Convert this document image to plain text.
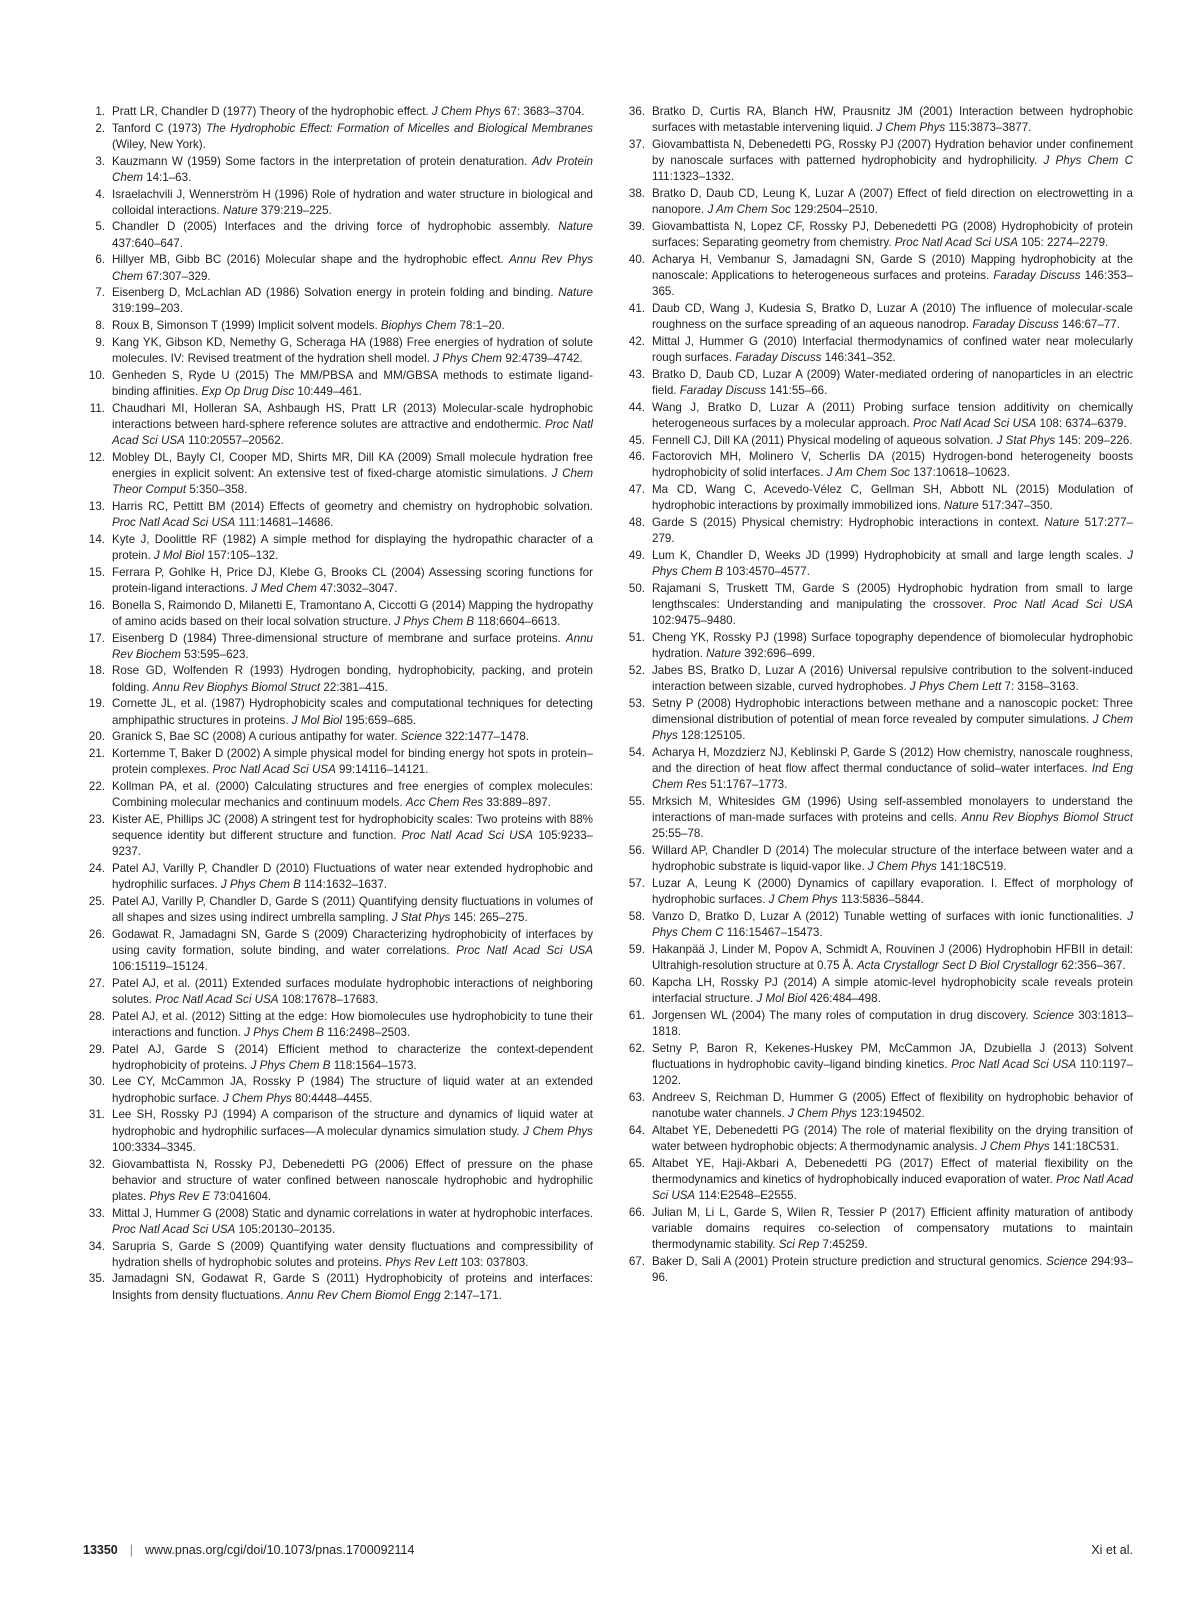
1. Pratt LR, Chandler D (1977) Theory of the hydrophobic effect. J Chem Phys 67: 3683–3704.
2. Tanford C (1973) The Hydrophobic Effect: Formation of Micelles and Biological Membranes (Wiley, New York).
3. Kauzmann W (1959) Some factors in the interpretation of protein denaturation. Adv Protein Chem 14:1–63.
4. Israelachvili J, Wennerström H (1996) Role of hydration and water structure in biological and colloidal interactions. Nature 379:219–225.
5. Chandler D (2005) Interfaces and the driving force of hydrophobic assembly. Nature 437:640–647.
6. Hillyer MB, Gibb BC (2016) Molecular shape and the hydrophobic effect. Annu Rev Phys Chem 67:307–329.
7. Eisenberg D, McLachlan AD (1986) Solvation energy in protein folding and binding. Nature 319:199–203.
8. Roux B, Simonson T (1999) Implicit solvent models. Biophys Chem 78:1–20.
9. Kang YK, Gibson KD, Nemethy G, Scheraga HA (1988) Free energies of hydration of solute molecules. IV: Revised treatment of the hydration shell model. J Phys Chem 92:4739–4742.
10. Genheden S, Ryde U (2015) The MM/PBSA and MM/GBSA methods to estimate ligand-binding affinities. Exp Op Drug Disc 10:449–461.
11. Chaudhari MI, Holleran SA, Ashbaugh HS, Pratt LR (2013) Molecular-scale hydrophobic interactions between hard-sphere reference solutes are attractive and endothermic. Proc Natl Acad Sci USA 110:20557–20562.
12. Mobley DL, Bayly CI, Cooper MD, Shirts MR, Dill KA (2009) Small molecule hydration free energies in explicit solvent: An extensive test of fixed-charge atomistic simulations. J Chem Theor Comput 5:350–358.
13. Harris RC, Pettitt BM (2014) Effects of geometry and chemistry on hydrophobic solvation. Proc Natl Acad Sci USA 111:14681–14686.
14. Kyte J, Doolittle RF (1982) A simple method for displaying the hydropathic character of a protein. J Mol Biol 157:105–132.
15. Ferrara P, Gohlke H, Price DJ, Klebe G, Brooks CL (2004) Assessing scoring functions for protein-ligand interactions. J Med Chem 47:3032–3047.
16. Bonella S, Raimondo D, Milanetti E, Tramontano A, Ciccotti G (2014) Mapping the hydropathy of amino acids based on their local solvation structure. J Phys Chem B 118:6604–6613.
17. Eisenberg D (1984) Three-dimensional structure of membrane and surface proteins. Annu Rev Biochem 53:595–623.
18. Rose GD, Wolfenden R (1993) Hydrogen bonding, hydrophobicity, packing, and protein folding. Annu Rev Biophys Biomol Struct 22:381–415.
19. Cornette JL, et al. (1987) Hydrophobicity scales and computational techniques for detecting amphipathic structures in proteins. J Mol Biol 195:659–685.
20. Granick S, Bae SC (2008) A curious antipathy for water. Science 322:1477–1478.
21. Kortemme T, Baker D (2002) A simple physical model for binding energy hot spots in protein–protein complexes. Proc Natl Acad Sci USA 99:14116–14121.
22. Kollman PA, et al. (2000) Calculating structures and free energies of complex molecules: Combining molecular mechanics and continuum models. Acc Chem Res 33:889–897.
23. Kister AE, Phillips JC (2008) A stringent test for hydrophobicity scales: Two proteins with 88% sequence identity but different structure and function. Proc Natl Acad Sci USA 105:9233–9237.
24. Patel AJ, Varilly P, Chandler D (2010) Fluctuations of water near extended hydrophobic and hydrophilic surfaces. J Phys Chem B 114:1632–1637.
25. Patel AJ, Varilly P, Chandler D, Garde S (2011) Quantifying density fluctuations in volumes of all shapes and sizes using indirect umbrella sampling. J Stat Phys 145: 265–275.
26. Godawat R, Jamadagni SN, Garde S (2009) Characterizing hydrophobicity of interfaces by using cavity formation, solute binding, and water correlations. Proc Natl Acad Sci USA 106:15119–15124.
27. Patel AJ, et al. (2011) Extended surfaces modulate hydrophobic interactions of neighboring solutes. Proc Natl Acad Sci USA 108:17678–17683.
28. Patel AJ, et al. (2012) Sitting at the edge: How biomolecules use hydrophobicity to tune their interactions and function. J Phys Chem B 116:2498–2503.
29. Patel AJ, Garde S (2014) Efficient method to characterize the context-dependent hydrophobicity of proteins. J Phys Chem B 118:1564–1573.
30. Lee CY, McCammon JA, Rossky P (1984) The structure of liquid water at an extended hydrophobic surface. J Chem Phys 80:4448–4455.
31. Lee SH, Rossky PJ (1994) A comparison of the structure and dynamics of liquid water at hydrophobic and hydrophilic surfaces—A molecular dynamics simulation study. J Chem Phys 100:3334–3345.
32. Giovambattista N, Rossky PJ, Debenedetti PG (2006) Effect of pressure on the phase behavior and structure of water confined between nanoscale hydrophobic and hydrophilic plates. Phys Rev E 73:041604.
33. Mittal J, Hummer G (2008) Static and dynamic correlations in water at hydrophobic interfaces. Proc Natl Acad Sci USA 105:20130–20135.
34. Sarupria S, Garde S (2009) Quantifying water density fluctuations and compressibility of hydration shells of hydrophobic solutes and proteins. Phys Rev Lett 103: 037803.
35. Jamadagni SN, Godawat R, Garde S (2011) Hydrophobicity of proteins and interfaces: Insights from density fluctuations. Annu Rev Chem Biomol Engg 2:147–171.
36. Bratko D, Curtis RA, Blanch HW, Prausnitz JM (2001) Interaction between hydrophobic surfaces with metastable intervening liquid. J Chem Phys 115:3873–3877.
37. Giovambattista N, Debenedetti PG, Rossky PJ (2007) Hydration behavior under confinement by nanoscale surfaces with patterned hydrophobicity and hydrophilicity. J Phys Chem C 111:1323–1332.
38. Bratko D, Daub CD, Leung K, Luzar A (2007) Effect of field direction on electrowetting in a nanopore. J Am Chem Soc 129:2504–2510.
39. Giovambattista N, Lopez CF, Rossky PJ, Debenedetti PG (2008) Hydrophobicity of protein surfaces: Separating geometry from chemistry. Proc Natl Acad Sci USA 105: 2274–2279.
40. Acharya H, Vembanur S, Jamadagni SN, Garde S (2010) Mapping hydrophobicity at the nanoscale: Applications to heterogeneous surfaces and proteins. Faraday Discuss 146:353–365.
41. Daub CD, Wang J, Kudesia S, Bratko D, Luzar A (2010) The influence of molecular-scale roughness on the surface spreading of an aqueous nanodrop. Faraday Discuss 146:67–77.
42. Mittal J, Hummer G (2010) Interfacial thermodynamics of confined water near molecularly rough surfaces. Faraday Discuss 146:341–352.
43. Bratko D, Daub CD, Luzar A (2009) Water-mediated ordering of nanoparticles in an electric field. Faraday Discuss 141:55–66.
44. Wang J, Bratko D, Luzar A (2011) Probing surface tension additivity on chemically heterogeneous surfaces by a molecular approach. Proc Natl Acad Sci USA 108: 6374–6379.
45. Fennell CJ, Dill KA (2011) Physical modeling of aqueous solvation. J Stat Phys 145: 209–226.
46. Factorovich MH, Molinero V, Scherlis DA (2015) Hydrogen-bond heterogeneity boosts hydrophobicity of solid interfaces. J Am Chem Soc 137:10618–10623.
47. Ma CD, Wang C, Acevedo-Vélez C, Gellman SH, Abbott NL (2015) Modulation of hydrophobic interactions by proximally immobilized ions. Nature 517:347–350.
48. Garde S (2015) Physical chemistry: Hydrophobic interactions in context. Nature 517:277–279.
49. Lum K, Chandler D, Weeks JD (1999) Hydrophobicity at small and large length scales. J Phys Chem B 103:4570–4577.
50. Rajamani S, Truskett TM, Garde S (2005) Hydrophobic hydration from small to large lengthscales: Understanding and manipulating the crossover. Proc Natl Acad Sci USA 102:9475–9480.
51. Cheng YK, Rossky PJ (1998) Surface topography dependence of biomolecular hydrophobic hydration. Nature 392:696–699.
52. Jabes BS, Bratko D, Luzar A (2016) Universal repulsive contribution to the solvent-induced interaction between sizable, curved hydrophobes. J Phys Chem Lett 7: 3158–3163.
53. Setny P (2008) Hydrophobic interactions between methane and a nanoscopic pocket: Three dimensional distribution of potential of mean force revealed by computer simulations. J Chem Phys 128:125105.
54. Acharya H, Mozdzierz NJ, Keblinski P, Garde S (2012) How chemistry, nanoscale roughness, and the direction of heat flow affect thermal conductance of solid–water interfaces. Ind Eng Chem Res 51:1767–1773.
55. Mrksich M, Whitesides GM (1996) Using self-assembled monolayers to understand the interactions of man-made surfaces with proteins and cells. Annu Rev Biophys Biomol Struct 25:55–78.
56. Willard AP, Chandler D (2014) The molecular structure of the interface between water and a hydrophobic substrate is liquid-vapor like. J Chem Phys 141:18C519.
57. Luzar A, Leung K (2000) Dynamics of capillary evaporation. I. Effect of morphology of hydrophobic surfaces. J Chem Phys 113:5836–5844.
58. Vanzo D, Bratko D, Luzar A (2012) Tunable wetting of surfaces with ionic functionalities. J Phys Chem C 116:15467–15473.
59. Hakanpää J, Linder M, Popov A, Schmidt A, Rouvinen J (2006) Hydrophobin HFBII in detail: Ultrahigh-resolution structure at 0.75 Å. Acta Crystallogr Sect D Biol Crystallogr 62:356–367.
60. Kapcha LH, Rossky PJ (2014) A simple atomic-level hydrophobicity scale reveals protein interfacial structure. J Mol Biol 426:484–498.
61. Jorgensen WL (2004) The many roles of computation in drug discovery. Science 303:1813–1818.
62. Setny P, Baron R, Kekenes-Huskey PM, McCammon JA, Dzubiella J (2013) Solvent fluctuations in hydrophobic cavity–ligand binding kinetics. Proc Natl Acad Sci USA 110:1197–1202.
63. Andreev S, Reichman D, Hummer G (2005) Effect of flexibility on hydrophobic behavior of nanotube water channels. J Chem Phys 123:194502.
64. Altabet YE, Debenedetti PG (2014) The role of material flexibility on the drying transition of water between hydrophobic objects: A thermodynamic analysis. J Chem Phys 141:18C531.
65. Altabet YE, Haji-Akbari A, Debenedetti PG (2017) Effect of material flexibility on the thermodynamics and kinetics of hydrophobically induced evaporation of water. Proc Natl Acad Sci USA 114:E2548–E2555.
66. Julian M, Li L, Garde S, Wilen R, Tessier P (2017) Efficient affinity maturation of antibody variable domains requires co-selection of compensatory mutations to maintain thermodynamic stability. Sci Rep 7:45259.
67. Baker D, Sali A (2001) Protein structure prediction and structural genomics. Science 294:93–96.
13350 | www.pnas.org/cgi/doi/10.1073/pnas.1700092114	Xi et al.
